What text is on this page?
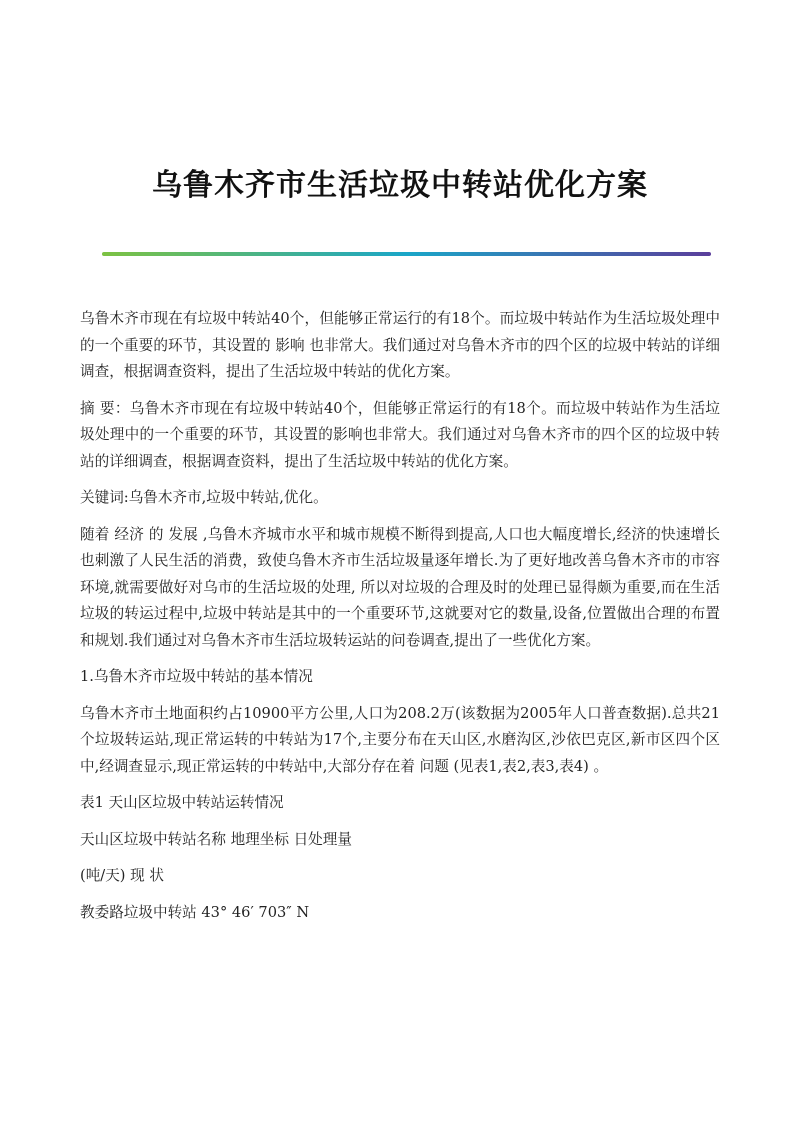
乌鲁木齐市生活垃圾中转站优化方案

乌鲁木齐市现在有垃圾中转站40个，但能够正常运行的有18个。而垃圾中转站作为生活垃圾处理中的一个重要的环节，其设置的 影响 也非常大。我们通过对乌鲁木齐市的四个区的垃圾中转站的详细调查，根据调查资料，提出了生活垃圾中转站的优化方案。

摘 要：乌鲁木齐市现在有垃圾中转站40个，但能够正常运行的有18个。而垃圾中转站作为生活垃圾处理中的一个重要的环节，其设置的影响也非常大。我们通过对乌鲁木齐市的四个区的垃圾中转站的详细调查，根据调查资料，提出了生活垃圾中转站的优化方案。

关键词:乌鲁木齐市,垃圾中转站,优化。

随着 经济 的 发展 ,乌鲁木齐城市水平和城市规模不断得到提高,人口也大幅度增长,经济的快速增长也刺激了人民生活的消费，致使乌鲁木齐市生活垃圾量逐年增长.为了更好地改善乌鲁木齐市的市容环境,就需要做好对乌市的生活垃圾的处理, 所以对垃圾的合理及时的处理已显得颇为重要,而在生活垃圾的转运过程中,垃圾中转站是其中的一个重要环节,这就要对它的数量,设备,位置做出合理的布置和规划.我们通过对乌鲁木齐市生活垃圾转运站的问卷调查,提出了一些优化方案。

1.乌鲁木齐市垃圾中转站的基本情况

乌鲁木齐市土地面积约占10900平方公里,人口为208.2万(该数据为2005年人口普查数据).总共21个垃圾转运站,现正常运转的中转站为17个,主要分布在天山区,水磨沟区,沙依巴克区,新市区四个区中,经调查显示,现正常运转的中转站中,大部分存在着 问题 (见表1,表2,表3,表4) 。

表1 天山区垃圾中转站运转情况

天山区垃圾中转站名称 地理坐标 日处理量

(吨/天) 现 状

教委路垃圾中转站 43° 46′ 703″ N
